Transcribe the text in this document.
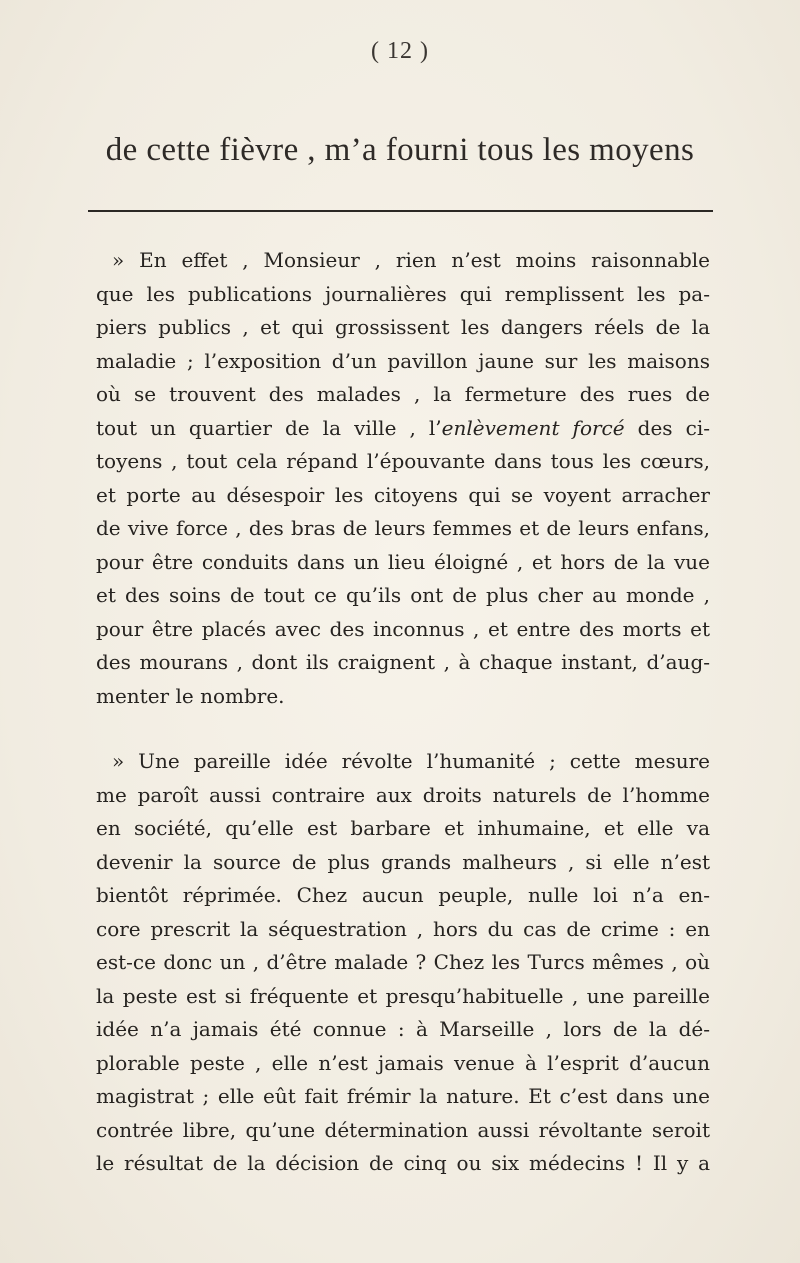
( 12 )
de cette fièvre , m’a fourni tous les moyens
» En effet , Monsieur , rien n’est moins raisonnable
que les publications journalières qui remplissent les pa-
piers publics , et qui grossissent les dangers réels de la
maladie ; l’exposition d’un pavillon jaune sur les maisons
où se trouvent des malades , la fermeture des rues de
tout un quartier de la ville , l’enlèvement forcé des ci-
toyens , tout cela répand l’épouvante dans tous les cœurs,
et porte au désespoir les citoyens qui se voyent arracher
de vive force , des bras de leurs femmes et de leurs enfans,
pour être conduits dans un lieu éloigné , et hors de la vue
et des soins de tout ce qu’ils ont de plus cher au monde ,
pour être placés avec des inconnus , et entre des morts et
des mourans , dont ils craignent , à chaque instant, d’aug-
menter le nombre.
» Une pareille idée révolte l’humanité ; cette mesure
me paroît aussi contraire aux droits naturels de l’homme
en société, qu’elle est barbare et inhumaine, et elle va
devenir la source de plus grands malheurs , si elle n’est
bientôt réprimée. Chez aucun peuple, nulle loi n’a en-
core prescrit la séquestration , hors du cas de crime : en
est-ce donc un , d’être malade ? Chez les Turcs mêmes , où
la peste est si fréquente et presqu’habituelle , une pareille
idée n’a jamais été connue : à Marseille , lors de la dé-
plorable peste , elle n’est jamais venue à l’esprit d’aucun
magistrat ; elle eût fait frémir la nature. Et c’est dans une
contrée libre, qu’une détermination aussi révoltante seroit
le résultat de la décision de cinq ou six médecins ! Il y a
